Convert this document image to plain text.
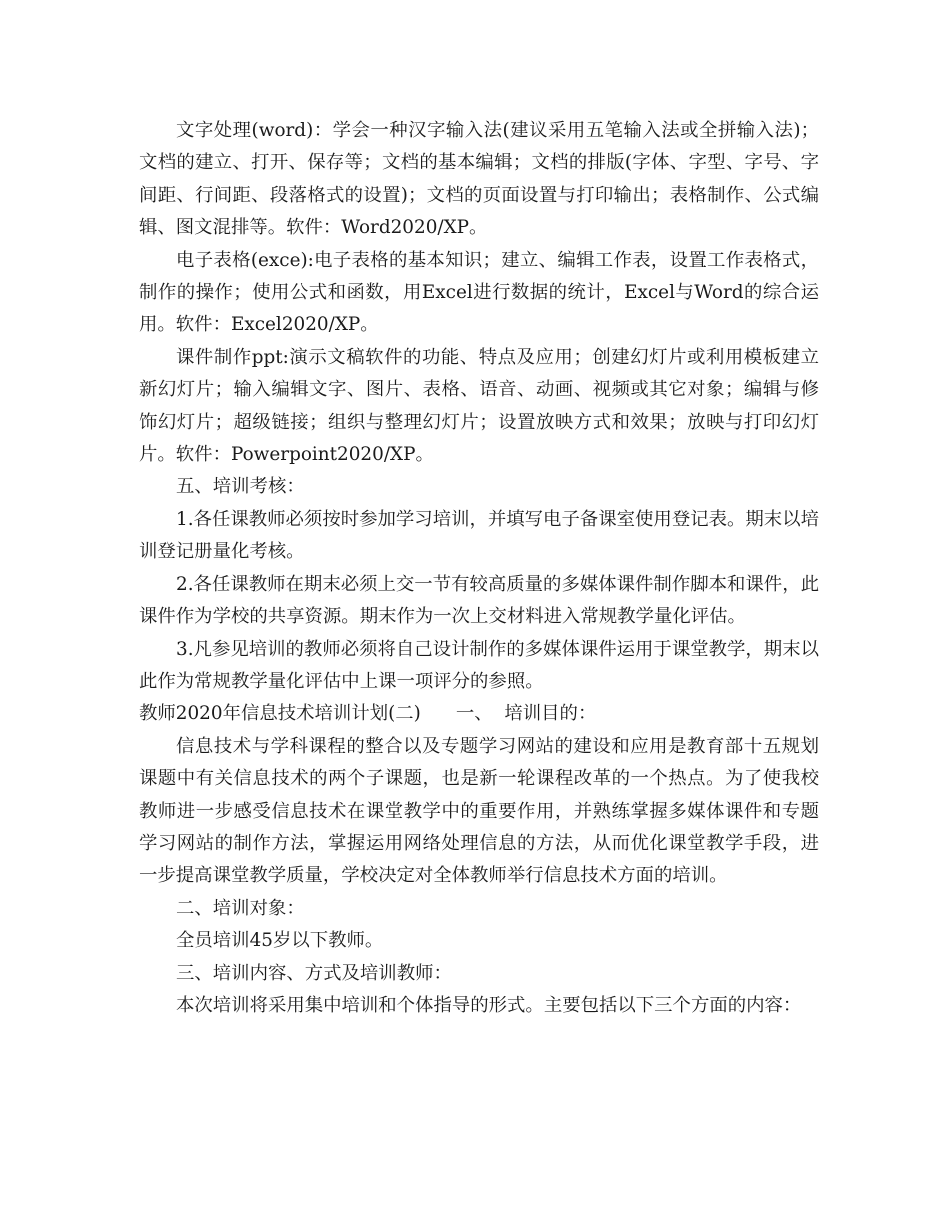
文字处理(word)：学会一种汉字输入法(建议采用五笔输入法或全拼输入法)；文档的建立、打开、保存等；文档的基本编辑；文档的排版(字体、字型、字号、字间距、行间距、段落格式的设置)；文档的页面设置与打印输出；表格制作、公式编辑、图文混排等。软件：Word2020/XP。

电子表格(exce):电子表格的基本知识；建立、编辑工作表，设置工作表格式，制作的操作；使用公式和函数，用Excel进行数据的统计，Excel与Word的综合运用。软件：Excel2020/XP。

课件制作ppt:演示文稿软件的功能、特点及应用；创建幻灯片或利用模板建立新幻灯片；输入编辑文字、图片、表格、语音、动画、视频或其它对象；编辑与修饰幻灯片；超级链接；组织与整理幻灯片；设置放映方式和效果；放映与打印幻灯片。软件：Powerpoint2020/XP。

五、培训考核：

1.各任课教师必须按时参加学习培训，并填写电子备课室使用登记表。期末以培训登记册量化考核。

2.各任课教师在期末必须上交一节有较高质量的多媒体课件制作脚本和课件，此课件作为学校的共享资源。期末作为一次上交材料进入常规教学量化评估。

3.凡参见培训的教师必须将自己设计制作的多媒体课件运用于课堂教学，期末以此作为常规教学量化评估中上课一项评分的参照。

教师2020年信息技术培训计划(二)      一、  培训目的：

信息技术与学科课程的整合以及专题学习网站的建设和应用是教育部十五规划课题中有关信息技术的两个子课题，也是新一轮课程改革的一个热点。为了使我校教师进一步感受信息技术在课堂教学中的重要作用，并熟练掌握多媒体课件和专题学习网站的制作方法，掌握运用网络处理信息的方法，从而优化课堂教学手段，进一步提高课堂教学质量，学校决定对全体教师举行信息技术方面的培训。

二、培训对象：

全员培训45岁以下教师。

三、培训内容、方式及培训教师：

本次培训将采用集中培训和个体指导的形式。主要包括以下三个方面的内容：
